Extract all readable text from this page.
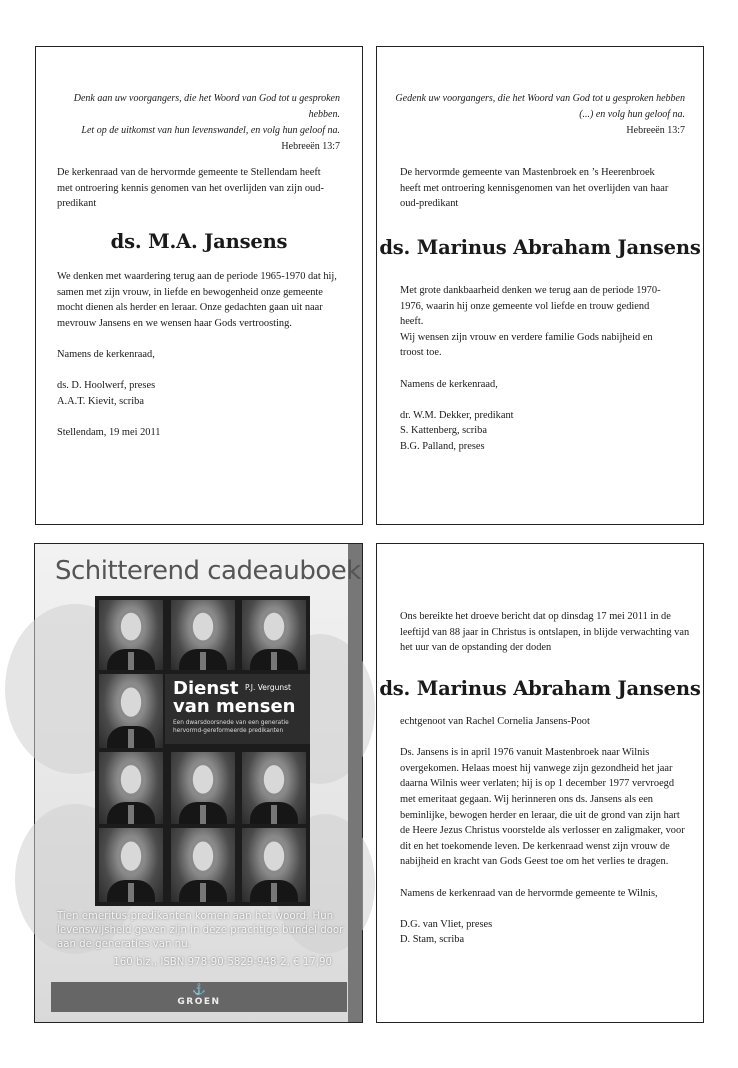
Denk aan uw voorgangers, die het Woord van God tot u gesproken hebben.
Let op de uitkomst van hun levenswandel, en volg hun geloof na.
Hebreeën 13:7

De kerkenraad van de hervormde gemeente te Stellendam heeft met ontroering kennis genomen van het overlijden van zijn oud-predikant

ds. M.A. Jansens

We denken met waardering terug aan de periode 1965-1970 dat hij, samen met zijn vrouw, in liefde en bewogenheid onze gemeente mocht dienen als herder en leraar. Onze gedachten gaan uit naar mevrouw Jansens en we wensen haar Gods vertroosting.

Namens de kerkenraad,

ds. D. Hoolwerf, preses

A.A.T. Kievit, scriba

Stellendam, 19 mei 2011

Gedenk uw voorgangers, die het Woord van God tot u gesproken hebben
(...) en volg hun geloof na.
Hebreeën 13:7

De hervormde gemeente van Mastenbroek en ’s Heerenbroek heeft met ontroering kennisgenomen van het overlijden van haar oud-predikant

ds. Marinus Abraham Jansens

Met grote dankbaarheid denken we terug aan de periode 1970-1976, waarin hij onze gemeente vol liefde en trouw gediend heeft.

Wij wensen zijn vrouw en verdere familie Gods nabijheid en troost toe.

Namens de kerkenraad,

dr. W.M. Dekker, predikant

S. Kattenberg, scriba

B.G. Palland, preses

Schitterend cadeauboek
Dienst
van mensen
P.J. Vergunst
Een dwarsdoorsnede van een generatie hervormd-gereformeerde predikanten
Tien emeritus-predikanten komen aan het woord. Hun levenswijsheid geven zijn in deze prachtige bundel door aan de generaties van nu.
160 blz., ISBN 978-90-5829-948-2, € 17,90
⚓
GROEN

Ons bereikte het droeve bericht dat op dinsdag 17 mei 2011 in de leeftijd van 88 jaar in Christus is ontslapen, in blijde verwachting van het uur van de opstanding der doden

ds. Marinus Abraham Jansens

echtgenoot van Rachel Cornelia Jansens-Poot

Ds. Jansens is in april 1976 vanuit Mastenbroek naar Wilnis overgekomen. Helaas moest hij vanwege zijn gezondheid het jaar daarna Wilnis weer verlaten; hij is op 1 december 1977 vervroegd met emeritaat gegaan. Wij herinneren ons ds. Jansens als een beminlijke, bewogen herder en leraar, die uit de grond van zijn hart de Heere Jezus Christus voorstelde als verlosser en zaligmaker, voor dit en het toekomende leven. De kerkenraad wenst zijn vrouw de nabijheid en kracht van Gods Geest toe om het verlies te dragen.

Namens de kerkenraad van de hervormde gemeente te Wilnis,

D.G. van Vliet, preses

D. Stam, scriba
